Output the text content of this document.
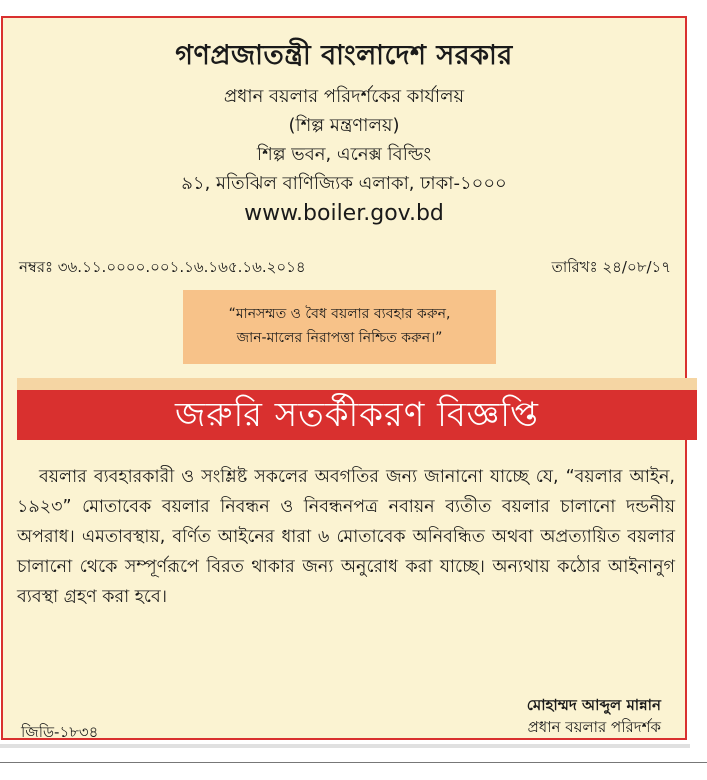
গণপ্রজাতন্ত্রী বাংলাদেশ সরকার

প্রধান বয়লার পরিদর্শকের কার্যালয়

(শিল্প মন্ত্রণালয়)

শিল্প ভবন, এনেক্স বিল্ডিং

৯১, মতিঝিল বাণিজ্যিক এলাকা, ঢাকা-১০০০

www.boiler.gov.bd

নম্বরঃ ৩৬.১১.০০০০.০০১.১৬.১৬৫.১৬.২০১৪	তারিখঃ ২৪/০৮/১৭
“মানসম্মত ও বৈধ বয়লার ব্যবহার করুন,
জান-মালের নিরাপত্তা নিশ্চিত করুন।”
জরুরি সতর্কীকরণ বিজ্ঞপ্তি

বয়লার ব্যবহারকারী ও সংশ্লিষ্ট সকলের অবগতির জন্য জানানো যাচ্ছে যে, “বয়লার আইন, ১৯২৩” মোতাবেক বয়লার নিবন্ধন ও নিবন্ধনপত্র নবায়ন ব্যতীত বয়লার চালানো দন্ডনীয় অপরাধ। এমতাবস্থায়, বর্ণিত আইনের ধারা ৬ মোতাবেক অনিবন্ধিত অথবা অপ্রত্যায়িত বয়লার চালানো থেকে সম্পূর্ণরূপে বিরত থাকার জন্য অনুরোধ করা যাচ্ছে। অন্যথায় কঠোর আইনানুগ ব্যবস্থা গ্রহণ করা হবে।

জিডি-১৮৩৪
মোহাম্মদ আব্দুল মান্নান
প্রধান বয়লার পরিদর্শক
